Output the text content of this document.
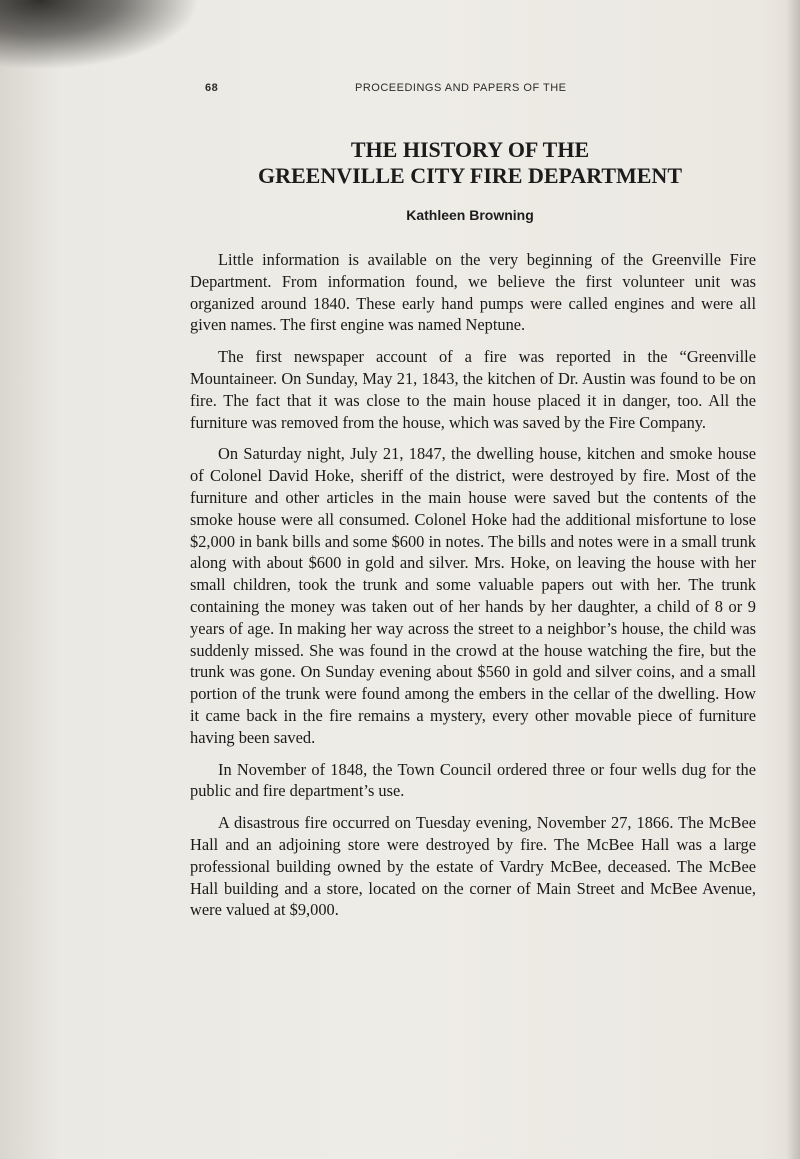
68	PROCEEDINGS AND PAPERS OF THE
THE HISTORY OF THE
GREENVILLE CITY FIRE DEPARTMENT
Kathleen Browning

Little information is available on the very beginning of the Greenville Fire Department. From information found, we believe the first volunteer unit was organized around 1840. These early hand pumps were called engines and were all given names. The first engine was named Neptune.

The first newspaper account of a fire was reported in the “Greenville Mountaineer. On Sunday, May 21, 1843, the kitchen of Dr. Austin was found to be on fire. The fact that it was close to the main house placed it in danger, too. All the furniture was removed from the house, which was saved by the Fire Company.

On Saturday night, July 21, 1847, the dwelling house, kitchen and smoke house of Colonel David Hoke, sheriff of the district, were destroyed by fire. Most of the furniture and other articles in the main house were saved but the contents of the smoke house were all consumed. Colonel Hoke had the additional misfortune to lose $2,000 in bank bills and some $600 in notes. The bills and notes were in a small trunk along with about $600 in gold and silver. Mrs. Hoke, on leaving the house with her small children, took the trunk and some valuable papers out with her. The trunk containing the money was taken out of her hands by her daughter, a child of 8 or 9 years of age. In making her way across the street to a neighbor’s house, the child was suddenly missed. She was found in the crowd at the house watching the fire, but the trunk was gone. On Sunday evening about $560 in gold and silver coins, and a small portion of the trunk were found among the embers in the cellar of the dwelling. How it came back in the fire remains a mystery, every other movable piece of furniture having been saved.

In November of 1848, the Town Council ordered three or four wells dug for the public and fire department’s use.

A disastrous fire occurred on Tuesday evening, November 27, 1866. The McBee Hall and an adjoining store were destroyed by fire. The McBee Hall was a large professional building owned by the estate of Vardry McBee, deceased. The McBee Hall building and a store, located on the corner of Main Street and McBee Avenue, were valued at $9,000.
